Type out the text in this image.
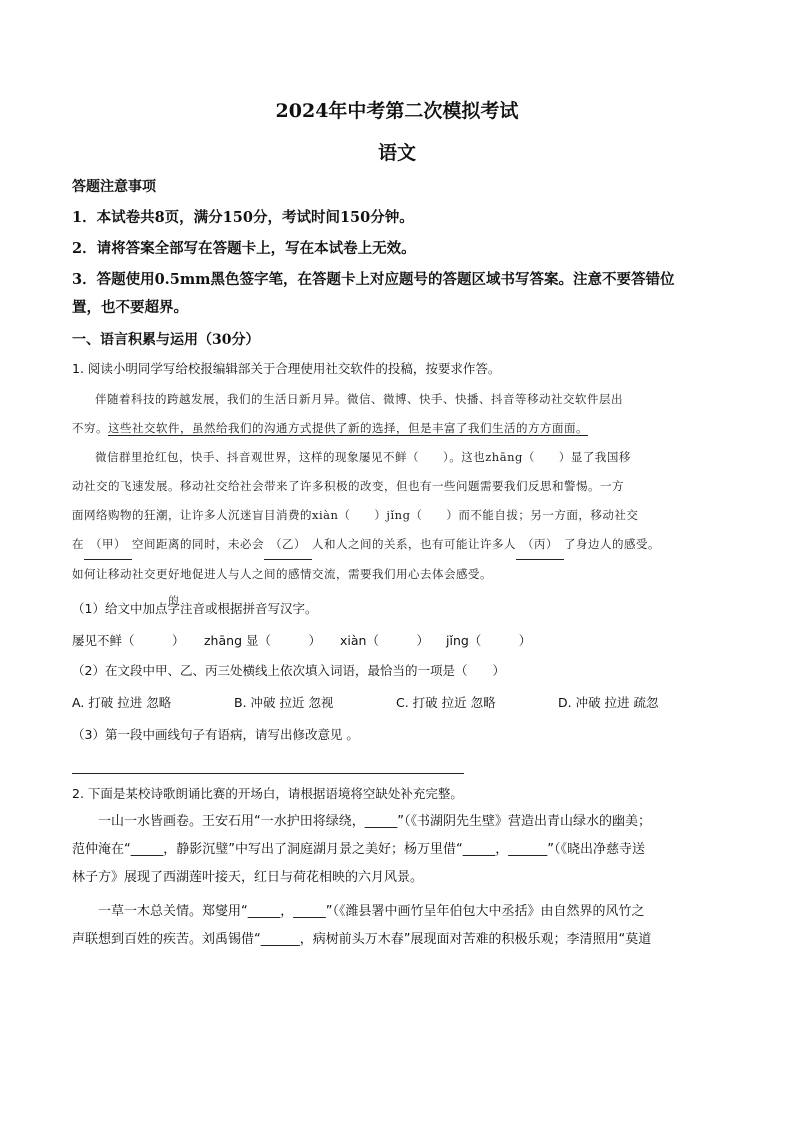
2024年中考第二次模拟考试
语文
答题注意事项
1．本试卷共8页，满分150分，考试时间150分钟。
2．请将答案全部写在答题卡上，写在本试卷上无效。
3．答题使用0.5mm黑色签字笔，在答题卡上对应题号的答题区域书写答案。注意不要答错位
置，也不要超界。
一、语言积累与运用（30分）
1. 阅读小明同学写给校报编辑部关于合理使用社交软件的投稿，按要求作答。

伴随着科技的跨越发展，我们的生活日新月异。微信、微博、快手、快播、抖音等移动社交软件层出

不穷。这些社交软件，虽然给我们的沟通方式提供了新的选择，但是丰富了我们生活的方方面面。

微信群里抢红包，快手、抖音观世界，这样的现象屡见不鲜（　　）。这也zhāng（　　）显了我国移

动社交的飞速发展。移动社交给社会带来了许多积极的改变，但也有一些问题需要我们反思和警惕。一方

面网络购物的狂潮，让许多人沉迷盲目消费的xiàn（　　）jǐng（　　）而不能自拔；另一方面，移动社交

在 （甲） 空间距离的同时，未必会 （乙） 人和人之间的关系，也有可能让许多人 （丙） 了身边人的感受。

如何让移动社交更好地促进人与人之间的感情交流，需要我们用心去体会感受。

（1）给文中加点字注音或根据拼音写汉字。
屡见不鲜（　　　）	zhāng 显（　　　）	xiàn（　　　）	jǐng（　　　）
（2）在文段中甲、乙、丙三处横线上依次填入词语，最恰当的一项是（　　）
A. 打破 拉进 忽略	B. 冲破 拉近 忽视	C. 打破 拉近 忽略	D. 冲破 拉进 疏忽
（3）第一段中画线句子有语病，请写出修改意见 。
2. 下面是某校诗歌朗诵比赛的开场白，请根据语境将空缺处补充完整。

一山一水皆画卷。王安石用“一水护田将绿绕，_____”（《书湖阴先生壁》营造出青山绿水的幽美；

范仲淹在“_____，静影沉璧”中写出了洞庭湖月景之美好；杨万里借“_____，______”（《晓出净慈寺送

林子方》展现了西湖莲叶接天，红日与荷花相映的六月风景。

一草一木总关情。郑燮用“_____，_____”（《潍县署中画竹呈年伯包大中丞括》由自然界的风竹之

声联想到百姓的疾苦。刘禹锡借“______，病树前头万木春”展现面对苦难的积极乐观；李清照用“莫道
